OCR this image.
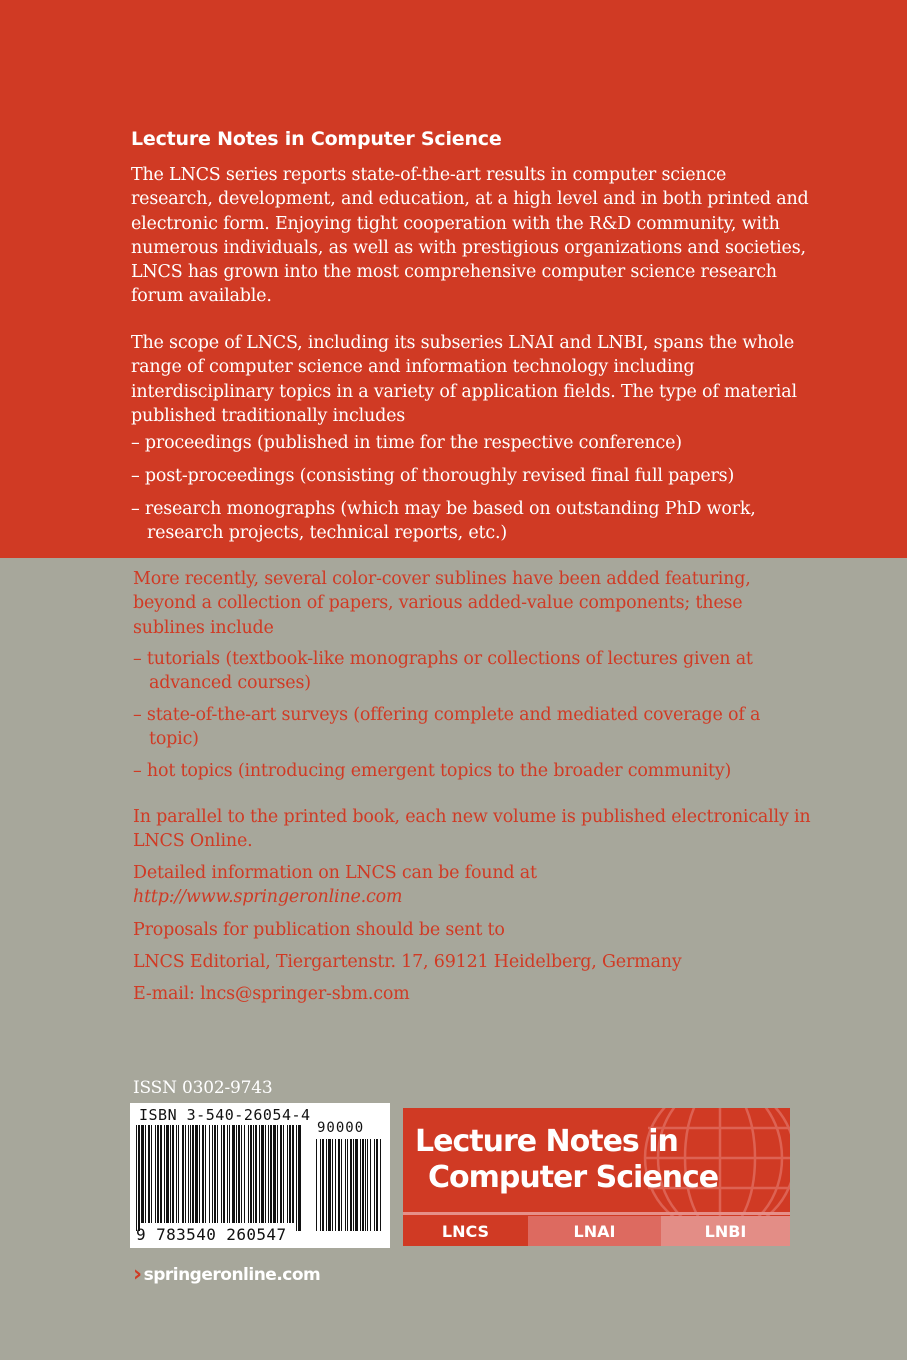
Lecture Notes in Computer Science
The LNCS series reports state-of-the-art results in computer science research, development, and education, at a high level and in both printed and electronic form. Enjoying tight cooperation with the R&D community, with numerous individuals, as well as with prestigious organizations and societies, LNCS has grown into the most comprehensive computer science research forum available.
The scope of LNCS, including its subseries LNAI and LNBI, spans the whole range of computer science and information technology including interdisciplinary topics in a variety of application fields. The type of material published traditionally includes
– proceedings (published in time for the respective conference)
– post-proceedings (consisting of thoroughly revised final full papers)
– research monographs (which may be based on outstanding PhD work, research projects, technical reports, etc.)
More recently, several color-cover sublines have been added featuring, beyond a collection of papers, various added-value components; these sublines include
– tutorials (textbook-like monographs or collections of lectures given at advanced courses)
– state-of-the-art surveys (offering complete and mediated coverage of a topic)
– hot topics (introducing emergent topics to the broader community)
In parallel to the printed book, each new volume is published electronically in LNCS Online.
Detailed information on LNCS can be found at
http://www.springeronline.com
Proposals for publication should be sent to
LNCS Editorial, Tiergartenstr. 17, 69121 Heidelberg, Germany
E-mail: lncs@springer-sbm.com
ISSN 0302-9743
ISBN 3-540-26054-4
90000
9 783540 260547
Lecture Notes in
Computer Science
LNCS	LNAI	LNBI
› springeronline.com
